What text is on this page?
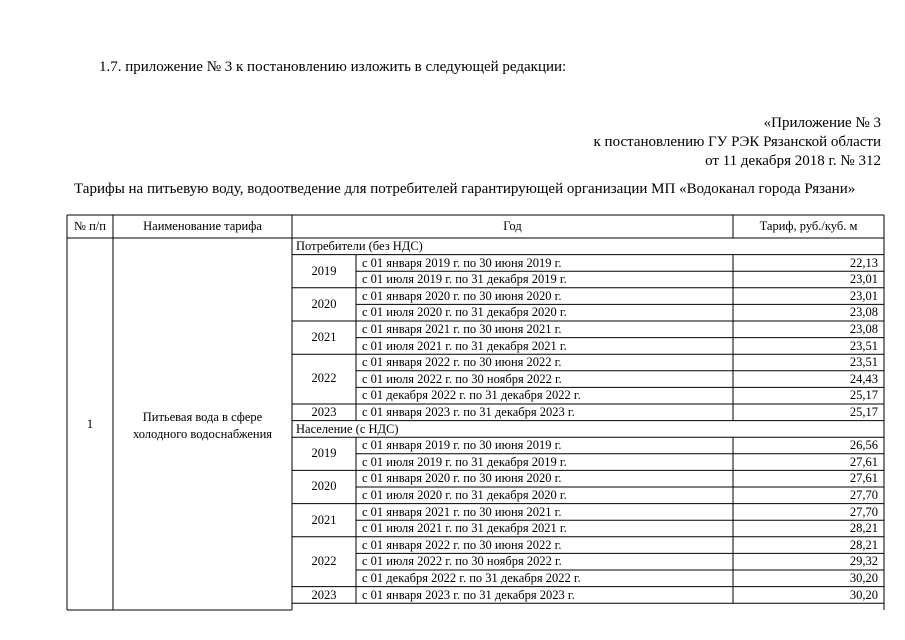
1.7. приложение № 3 к постановлению изложить в следующей редакции:
«Приложение № 3
к постановлению ГУ РЭК Рязанской области
от 11 декабря 2018 г. № 312
Тарифы на питьевую воду, водоотведение для потребителей гарантирующей организации МП «Водоканал города Рязани»
№ п/п	Наименование тарифа	Год	Тариф, руб./куб. м
Потребители (без НДС)
2019
с 01 января 2019 г. по 30 июня 2019 г.	22,13
с 01 июля 2019 г. по 31 декабря 2019 г.	23,01
2020
с 01 января 2020 г. по 30 июня 2020 г.	23,01
с 01 июля 2020 г. по 31 декабря 2020 г.	23,08
2021
с 01 января 2021 г. по 30 июня 2021 г.	23,08
с 01 июля 2021 г. по 31 декабря 2021 г.	23,51
2022
с 01 января 2022 г. по 30 июня 2022 г.	23,51
с 01 июля 2022 г. по 30 ноября 2022 г.	24,43
с 01 декабря 2022 г. по 31 декабря 2022 г.	25,17
2023	с 01 января 2023 г. по 31 декабря 2023 г.	25,17
Население (с НДС)
2019
с 01 января 2019 г. по 30 июня 2019 г.	26,56
с 01 июля 2019 г. по 31 декабря 2019 г.	27,61
2020
с 01 января 2020 г. по 30 июня 2020 г.	27,61
с 01 июля 2020 г. по 31 декабря 2020 г.	27,70
2021
с 01 января 2021 г. по 30 июня 2021 г.	27,70
с 01 июля 2021 г. по 31 декабря 2021 г.	28,21
2022
с 01 января 2022 г. по 30 июня 2022 г.	28,21
с 01 июля 2022 г. по 30 ноября 2022 г.	29,32
с 01 декабря 2022 г. по 31 декабря 2022 г.	30,20
2023	с 01 января 2023 г. по 31 декабря 2023 г.	30,20
1	Питьевая вода в сфере холодного водоснабжения
